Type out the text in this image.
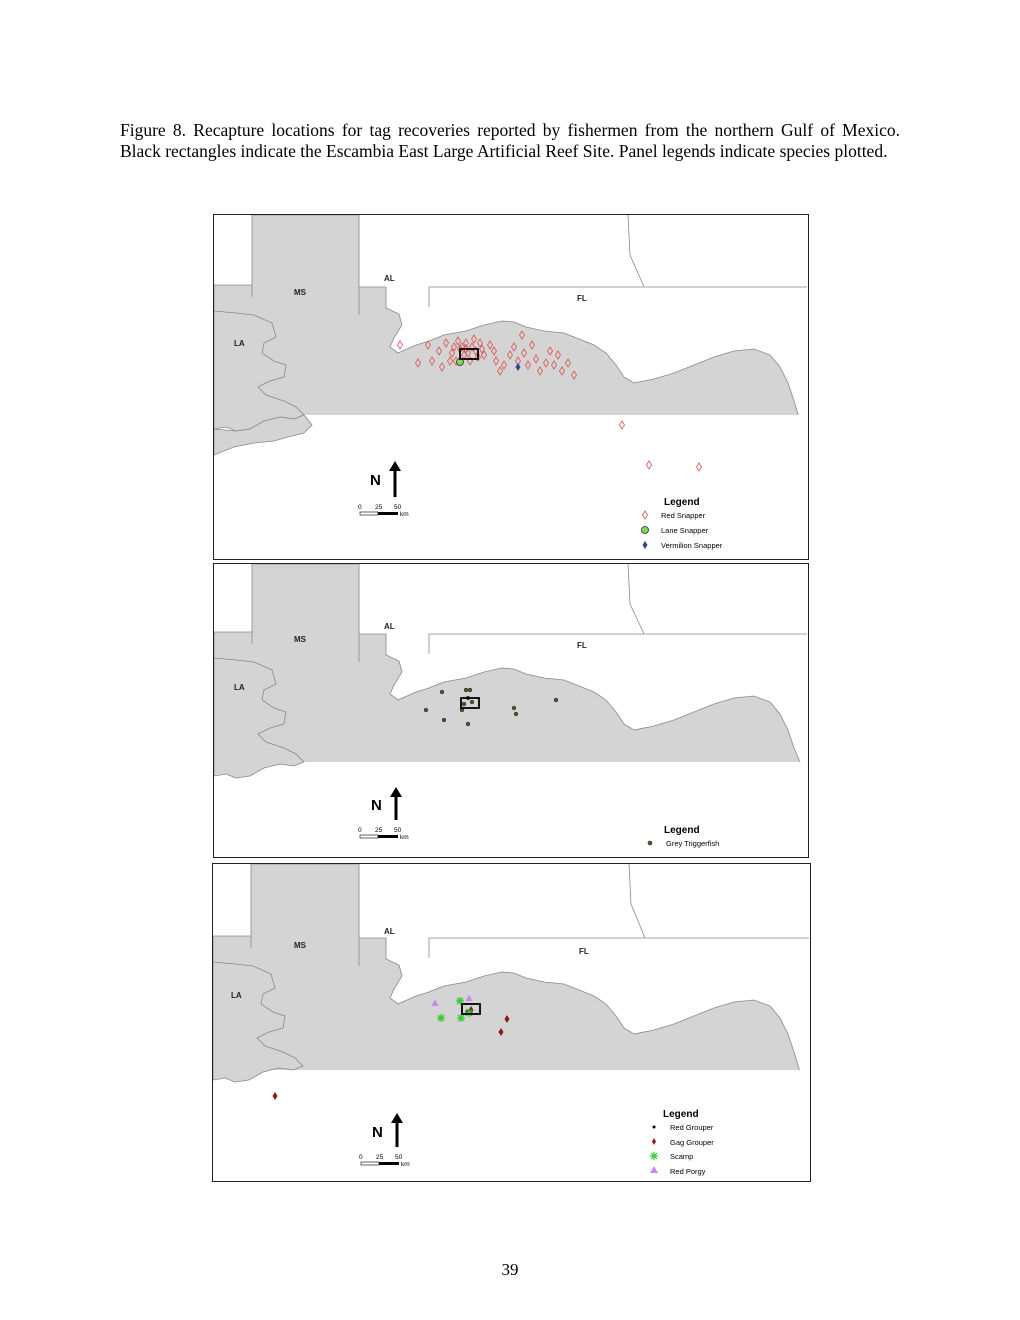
Figure 8. Recapture locations for tag recoveries reported by fishermen from the northern Gulf of Mexico. Black rectangles indicate the Escambia East Large Artificial Reef Site. Panel legends indicate species plotted.

MS
AL
FL
LA
N
0 25 50
km
Legend
Red Snapper
Lane Snapper
Vermilion Snapper
MS
AL
FL
LA
N
0 25 50
km
Legend
Grey Triggerfish
MS
AL
FL
LA
N
0 25 50
km
Legend
Red Grouper
Gag Grouper
Scamp
Red Porgy
39
